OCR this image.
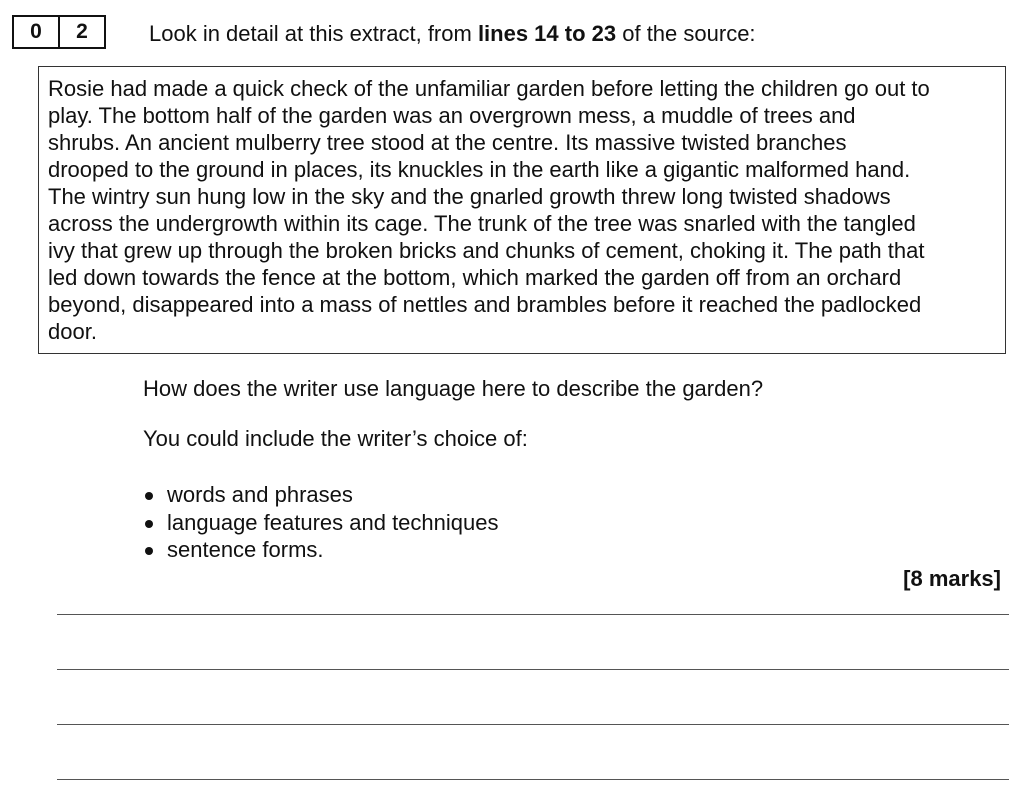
0	2	Look in detail at this extract, from lines 14 to 23 of the source:
Rosie had made a quick check of the unfamiliar garden before letting the children go out to
play. The bottom half of the garden was an overgrown mess, a muddle of trees and
shrubs. An ancient mulberry tree stood at the centre. Its massive twisted branches
drooped to the ground in places, its knuckles in the earth like a gigantic malformed hand.
The wintry sun hung low in the sky and the gnarled growth threw long twisted shadows
across the undergrowth within its cage. The trunk of the tree was snarled with the tangled
ivy that grew up through the broken bricks and chunks of cement, choking it. The path that
led down towards the fence at the bottom, which marked the garden off from an orchard
beyond, disappeared into a mass of nettles and brambles before it reached the padlocked
door.
How does the writer use language here to describe the garden?
You could include the writer’s choice of:
words and phrases
language features and techniques
sentence forms.
[8 marks]
